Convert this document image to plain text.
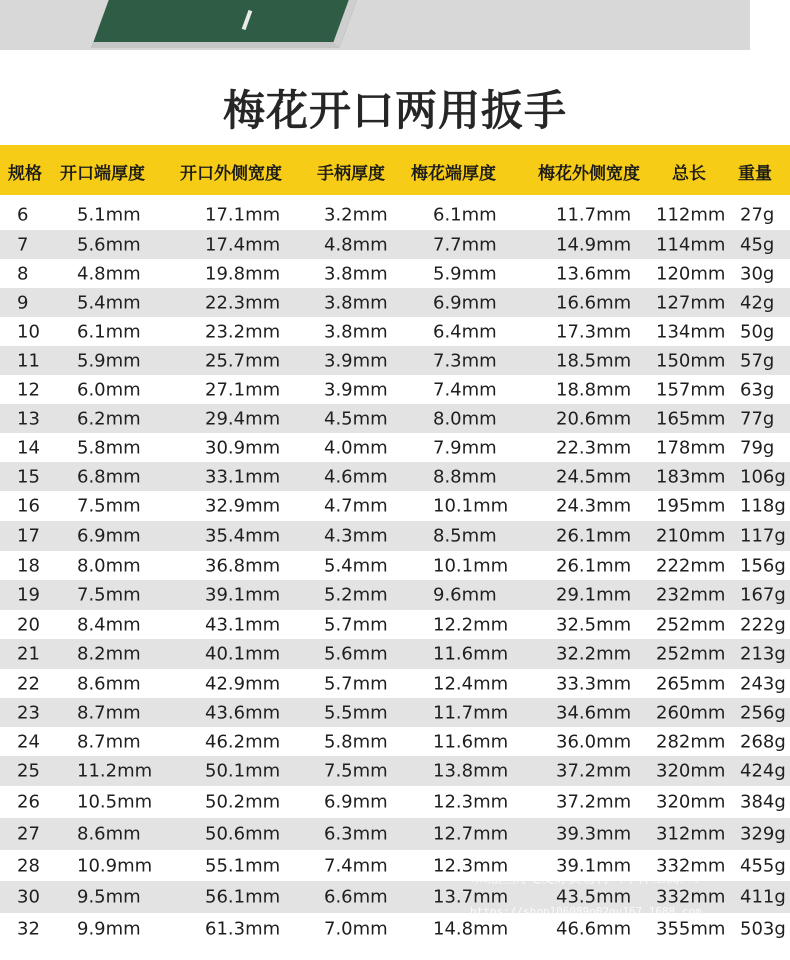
梅花开口两用扳手
规格 开口端厚度 开口外侧宽度 手柄厚度 梅花端厚度 梅花外侧宽度 总长 重量
6	5.1mm	17.1mm 3.2mm	6.1mm	11.7mm 112mm 27g
7	5.6mm	17.4mm 4.8mm	7.7mm	14.9mm 114mm 45g
8	4.8mm	19.8mm 3.8mm	5.9mm	13.6mm 120mm 30g
9	5.4mm	22.3mm 3.8mm	6.9mm	16.6mm 127mm 42g
10 6.1mm	23.2mm 3.8mm	6.4mm	17.3mm 134mm 50g
11 5.9mm	25.7mm 3.9mm	7.3mm	18.5mm 150mm 57g
12 6.0mm	27.1mm 3.9mm	7.4mm	18.8mm 157mm 63g
13 6.2mm	29.4mm 4.5mm	8.0mm	20.6mm 165mm 77g
14 5.8mm	30.9mm 4.0mm	7.9mm	22.3mm 178mm 79g
15 6.8mm	33.1mm 4.6mm	8.8mm	24.5mm 183mm 106g
16 7.5mm	32.9mm 4.7mm	10.1mm	24.3mm 195mm 118g
17 6.9mm	35.4mm 4.3mm	8.5mm	26.1mm 210mm 117g
18 8.0mm	36.8mm 5.4mm	10.1mm	26.1mm 222mm 156g
19 7.5mm	39.1mm 5.2mm	9.6mm	29.1mm 232mm 167g
20 8.4mm	43.1mm 5.7mm	12.2mm	32.5mm 252mm 222g
21 8.2mm	40.1mm 5.6mm	11.6mm	32.2mm 252mm 213g
22 8.6mm	42.9mm 5.7mm	12.4mm	33.3mm 265mm 243g
23 8.7mm	43.6mm 5.5mm	11.7mm	34.6mm 260mm 256g
24 8.7mm	46.2mm 5.8mm	11.6mm	36.0mm 282mm 268g
25 11.2mm	50.1mm 7.5mm	13.8mm	37.2mm 320mm 424g
26 10.5mm	50.2mm 6.9mm	12.3mm	37.2mm 320mm 384g
27 8.6mm	50.6mm 6.3mm	12.7mm	39.3mm 312mm 329g
28 10.9mm	55.1mm 7.4mm	12.3mm	39.1mm 332mm 455g
30 9.5mm	56.1mm 6.6mm	13.7mm	43.5mm 332mm 411g
32 9.9mm	61.3mm 7.0mm	14.8mm	46.6mm 355mm 503g
市北区庆飞友好贸易行（个体工商户）
https://shop106089n02gu167.1688.com
